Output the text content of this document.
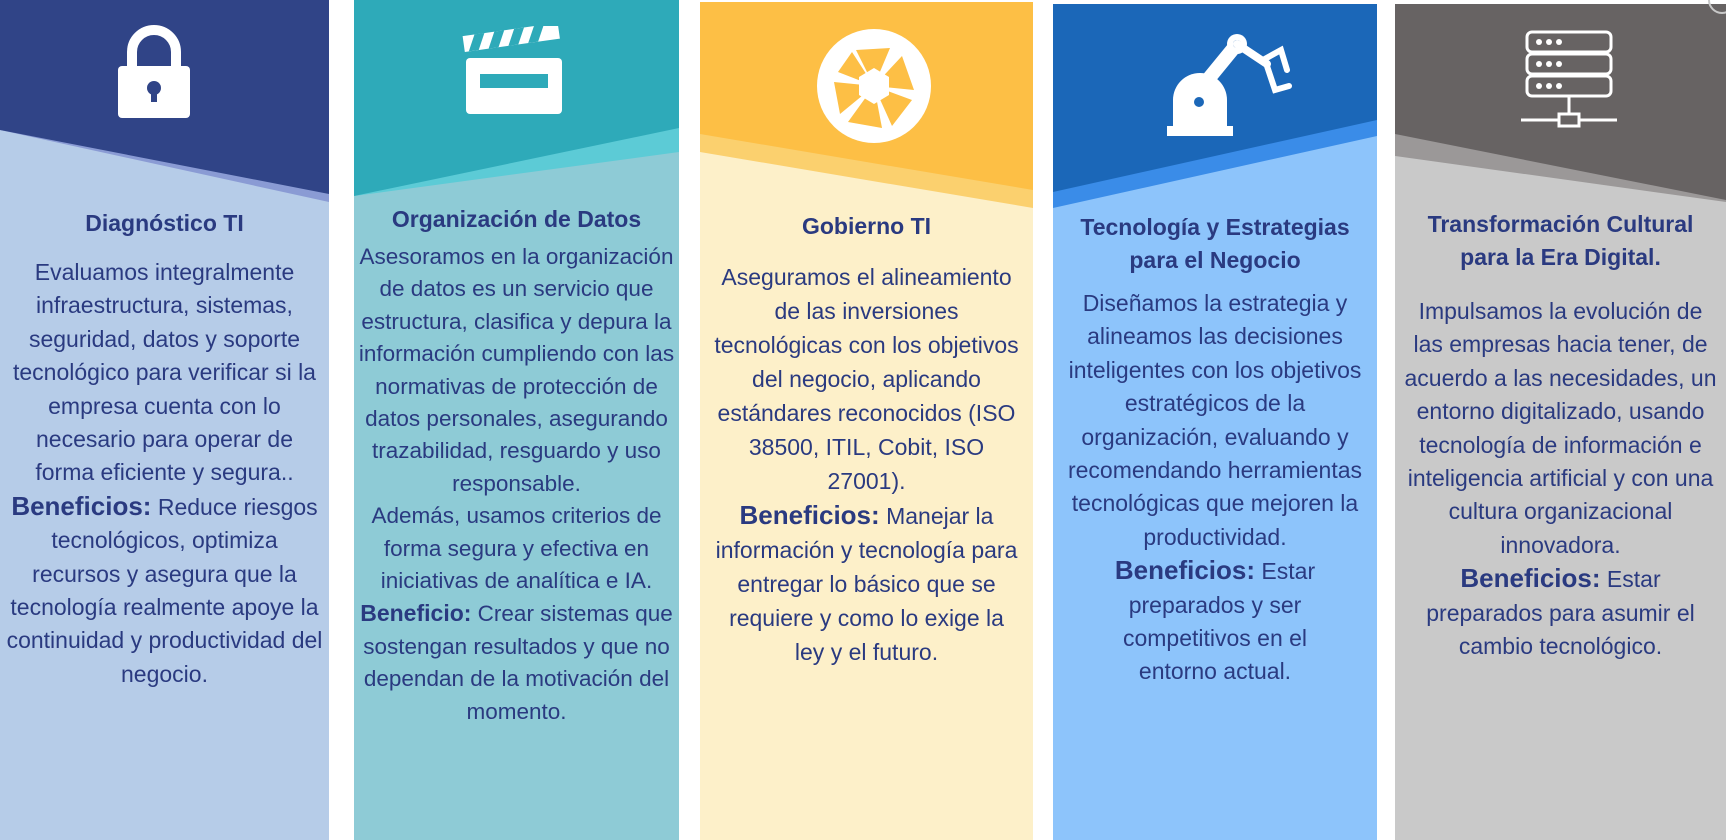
Diagnóstico TI

Evaluamos integralmente infraestructura, sistemas, seguridad, datos y soporte tecnológico para verificar si la empresa cuenta con lo necesario para operar de forma eficiente y segura..

Beneficios: Reduce riesgos tecnológicos, optimiza recursos y asegura que la tecnología realmente apoye la continuidad y productividad del negocio.

Organización de Datos

Asesoramos en la organización de datos es un servicio que estructura, clasifica y depura la información cumpliendo con las normativas de protección de datos personales, asegurando trazabilidad, resguardo y uso responsable.

Además, usamos criterios de forma segura y efectiva en iniciativas de analítica e IA.

Beneficio: Crear sistemas que sostengan resultados y que no dependan de la motivación del momento.

Gobierno TI

Aseguramos el alineamiento de las inversiones tecnológicas con los objetivos del negocio, aplicando estándares reconocidos (ISO 38500, ITIL, Cobit, ISO 27001).

Beneficios: Manejar la información y tecnología para entregar lo básico que se requiere y como lo exige la ley y el futuro.

Tecnología y Estrategias para el Negocio

Diseñamos la estrategia y alineamos las decisiones inteligentes con los objetivos estratégicos de la organización, evaluando y recomendando herramientas tecnológicas que mejoren la productividad.

Beneficios: Estar preparados y ser competitivos en el entorno actual.

Transformación Cultural para la Era Digital.

Impulsamos la evolución de las empresas hacia tener, de acuerdo a las necesidades, un entorno digitalizado, usando tecnología de información e inteligencia artificial y con una cultura organizacional innovadora.

Beneficios: Estar preparados para asumir el cambio tecnológico.
